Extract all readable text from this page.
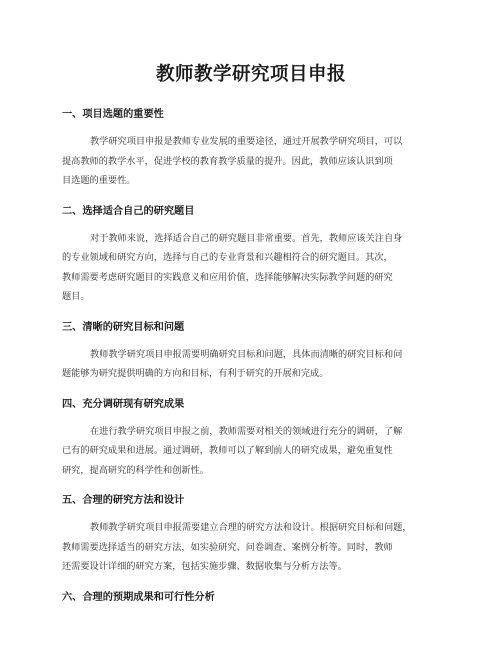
教师教学研究项目申报
一、项目选题的重要性

教学研究项目申报是教师专业发展的重要途径，通过开展教学研究项目，可以
提高教师的教学水平，促进学校的教育教学质量的提升。因此，教师应该认识到项
目选题的重要性。

二、选择适合自己的研究题目

对于教师来说，选择适合自己的研究题目非常重要。首先，教师应该关注自身
的专业领域和研究方向，选择与自己的专业背景和兴趣相符合的研究题目。其次，
教师需要考虑研究题目的实践意义和应用价值，选择能够解决实际教学问题的研究
题目。

三、清晰的研究目标和问题

教师教学研究项目申报需要明确研究目标和问题，具体而清晰的研究目标和问
题能够为研究提供明确的方向和目标，有利于研究的开展和完成。

四、充分调研现有研究成果

在进行教学研究项目申报之前，教师需要对相关的领域进行充分的调研，了解
已有的研究成果和进展。通过调研，教师可以了解到前人的研究成果，避免重复性
研究，提高研究的科学性和创新性。

五、合理的研究方法和设计

教师教学研究项目申报需要建立合理的研究方法和设计。根据研究目标和问题，
教师需要选择适当的研究方法，如实验研究、问卷调查、案例分析等。同时，教师
还需要设计详细的研究方案，包括实施步骤、数据收集与分析方法等。

六、合理的预期成果和可行性分析
